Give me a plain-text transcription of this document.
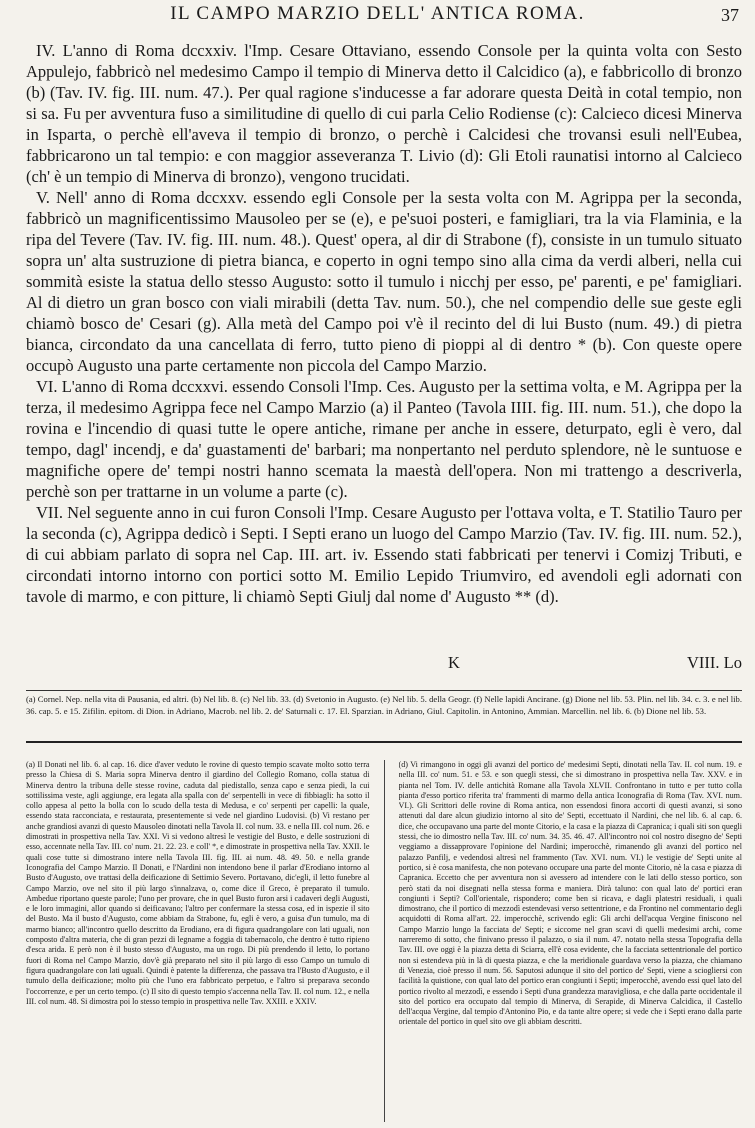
IL CAMPO MARZIO DELL' ANTICA ROMA.	37

IV. L'anno di Roma dccxxiv. l'Imp. Cesare Ottaviano, essendo Console per la quinta volta con Sesto Appulejo, fabbricò nel medesimo Campo il tempio di Minerva detto il Calcidico (a), e fabbricollo di bronzo (b) (Tav. IV. fig. III. num. 47.). Per qual ragione s'inducesse a far adorare questa Deità in cotal tempio, non si sa. Fu per avventura fuso a similitudine di quello di cui parla Celio Rodiense (c): Calcieco dicesi Minerva in Isparta, o perchè ell'aveva il tempio di bronzo, o perchè i Calcidesi che trovansi esuli nell'Eubea, fabbricarono un tal tempio: e con maggior asseveranza T. Livio (d): Gli Etoli raunatisi intorno al Calcieco (ch' è un tempio di Minerva di bronzo), vengono trucidati.

V. Nell' anno di Roma dccxxv. essendo egli Console per la sesta volta con M. Agrippa per la seconda, fabbricò un magnificentissimo Mausoleo per se (e), e pe'suoi posteri, e famigliari, tra la via Flaminia, e la ripa del Tevere (Tav. IV. fig. III. num. 48.). Quest' opera, al dir di Strabone (f), consiste in un tumulo situato sopra un' alta sustruzione di pietra bianca, e coperto in ogni tempo sino alla cima da verdi alberi, nella cui sommità esiste la statua dello stesso Augusto: sotto il tumulo i nicchj per esso, pe' parenti, e pe' famigliari. Al di dietro un gran bosco con viali mirabili (detta Tav. num. 50.), che nel compendio delle sue geste egli chiamò bosco de' Cesari (g). Alla metà del Campo poi v'è il recinto del di lui Busto (num. 49.) di pietra bianca, circondato da una cancellata di ferro, tutto pieno di pioppi al di dentro * (b). Con queste opere occupò Augusto una parte certamente non piccola del Campo Marzio.

VI. L'anno di Roma dccxxvi. essendo Consoli l'Imp. Ces. Augusto per la settima volta, e M. Agrippa per la terza, il medesimo Agrippa fece nel Campo Marzio (a) il Panteo (Tavola IIII. fig. III. num. 51.), che dopo la rovina e l'incendio di quasi tutte le opere antiche, rimane per anche in essere, deturpato, egli è vero, dal tempo, dagl' incendj, e da' guastamenti de' barbari; ma nonpertanto nel perduto splendore, nè le suntuose e magnifiche opere de' tempi nostri hanno scemata la maestà dell'opera. Non mi trattengo a descriverla, perchè son per trattarne in un volume a parte (c).

VII. Nel seguente anno in cui furon Consoli l'Imp. Cesare Augusto per l'ottava volta, e T. Statilio Tauro per la seconda (c), Agrippa dedicò i Septi. I Septi erano un luogo del Campo Marzio (Tav. IV. fig. III. num. 52.), di cui abbiam parlato di sopra nel Cap. III. art. iv. Essendo stati fabbricati per tenervi i Comizj Tributi, e circondati intorno intorno con portici sotto M. Emilio Lepido Triumviro, ed avendoli egli adornati con tavole di marmo, e con pitture, li chiamò Septi Giulj dal nome d' Augusto ** (d).

K	VIII. Lo
(a) Cornel. Nep. nella vita di Pausania, ed altri. (b) Nel lib. 8. (c) Nel lib. 33. (d) Svetonio in Augusto. (e) Nel lib. 5. della Geogr. (f) Nelle lapidi Ancirane. (g) Dione nel lib. 53. Plin. nel lib. 34. c. 3. e nel lib. 36. cap. 5. e 15. Zifilin. epitom. di Dion. in Adriano, Macrob. nel lib. 2. de' Saturnali c. 17. El. Sparzian. in Adriano, Giul. Capitolin. in Antonino, Ammian. Marcellin. nel lib. 6. (b) Dione nel lib. 53.

(a) Il Donati nel lib. 6. al cap. 16. dice d'aver veduto le rovine di questo tempio scavate molto sotto terra presso la Chiesa di S. Maria sopra Minerva dentro il giardino del Collegio Romano, colla statua di Minerva dentro la tribuna delle stesse rovine, caduta dal piedistallo, senza capo e senza piedi, la cui sottilissima veste, agli aggiunge, era legata alla spalla con de' serpentelli in vece di fibbiagli: ha sotto il collo appesa al petto la bolla con lo scudo della testa di Medusa, e co' serpenti per capelli: la quale, essendo stata racconciata, e restaurata, presentemente si vede nel giardino Ludovisi. (b) Vi restano per anche grandiosi avanzi di questo Mausoleo dinotati nella Tavola II. col num. 33. e nella III. col num. 26. e dimostrati in prospettiva nella Tav. XXI. Vi si vedono altresì le vestigie del Busto, e delle sostruzioni di esso, accennate nella Tav. III. co' num. 21. 22. 23. e coll' *, e dimostrate in prospettiva nella Tav. XXII. le quali cose tutte si dimostrano intere nella Tavola III. fig. III. ai num. 48. 49. 50. e nella grande Iconografia del Campo Marzio. Il Donati, e l'Nardini non intendono bene il parlar d'Erodiano intorno al Busto d'Augusto, ove trattasi della deificazione di Settimio Severo. Portavano, dic'egli, il letto funebre al Campo Marzio, ove nel sito il più largo s'innalzava, o, come dice il Greco, è preparato il tumulo. Ambedue riportano queste parole; l'uno per provare, che in quel Busto furon arsi i cadaveri degli Augusti, e le loro immagini, allor quando si deificavano; l'altro per confermare la stessa cosa, ed in ispezie il sito del Busto. Ma il busto d'Augusto, come abbiam da Strabone, fu, egli è vero, a guisa d'un tumulo, ma di marmo bianco; all'incontro quello descritto da Erodiano, era di figura quadrangolare con lati uguali, non composto d'altra materia, che di gran pezzi di legname a foggia di tabernacolo, che dentro è tutto ripieno d'esca arida. E però non è il busto stesso d'Augusto, ma un rogo. Di più prendendo il letto, lo portano fuori di Roma nel Campo Marzio, dov'è già preparato nel sito il più largo di esso Campo un tumulo di figura quadrangolare con lati uguali. Quindi è patente la differenza, che passava tra l'Busto d'Augusto, e il tumulo della deificazione; molto più che l'uno era fabbricato perpetuo, e l'altro si preparava secondo l'occorrenze, e per un certo tempo. (c) Il sito di questo tempio s'accenna nella Tav. II. col num. 12., e nella III. col num. 48. Si dimostra poi lo stesso tempio in prospettiva nelle Tav. XXIII. e XXIV.

(d) Vi rimangono in oggi gli avanzi del portico de' medesimi Septi, dinotati nella Tav. II. col num. 19. e nella III. co' num. 51. e 53. e son quegli stessi, che si dimostrano in prospettiva nella Tav. XXV. e in pianta nel Tom. IV. delle antichità Romane alla Tavola XLVII. Confrontano in tutto e per tutto colla pianta d'esso portico riferita tra' frammenti di marmo della antica Iconografia di Roma (Tav. XVI. num. VI.). Gli Scrittori delle rovine di Roma antica, non essendosi finora accorti di questi avanzi, si sono attenuti dal dare alcun giudizio intorno al sito de' Septi, eccettuato il Nardini, che nel lib. 6. al cap. 6. dice, che occupavano una parte del monte Citorio, e la casa e la piazza di Capranica; i quali siti son quegli stessi, che io dimostro nella Tav. III. co' num. 34. 35. 46. 47. All'incontro noi col nostro disegno de' Septi veggiamo a dissapprovare l'opinione del Nardini; imperocchè, rimanendo gli avanzi del portico nel palazzo Panfilj, e vedendosi altresì nel frammento (Tav. XVI. num. VI.) le vestigie de' Septi unite al portico, si è cosa manifesta, che non potevano occupare una parte del monte Citorio, nè la casa e piazza di Capranica. Eccetto che per avventura non si avessero ad intendere con le lati dello stesso portico, son però stati da noi disegnati nella stessa forma e maniera. Dirà taluno: con qual lato de' portici eran congiunti i Septi? Coll'orientale, rispondero; come ben si ricava, e dagli platestri residuali, i quali dimostrano, che il portico di mezzodì estendevasi verso settentrione, e da Frontino nel commentario degli acquidotti di Roma all'art. 22. imperocchè, scrivendo egli: Gli archi dell'acqua Vergine finiscono nel Campo Marzio lungo la facciata de' Septi; e siccome nel gran scavi di quelli medesimi archi, come narreremo di sotto, che finivano presso il palazzo, o sia il num. 47. notato nella stessa Topografia della Tav. III. ove oggi è la piazza detta di Sciarra, ell'è cosa evidente, che la facciata settentrionale del portico non si estendeva più in là di questa piazza, e che la meridionale guardava verso la piazza, che chiamano di Venezia, cioè presso il num. 56. Saputosi adunque il sito del portico de' Septi, viene a sciogliersi con facilità la quistione, con qual lato del portico eran congiunti i Septi; imperocchè, avendo essi quel lato del portico rivolto al mezzodì, e essendo i Septi d'una grandezza maravigliosa, e che dalla parte occidentale il sito del portico era occupato dal tempio di Minerva, di Serapide, di Minerva Calcidica, il Castello dell'acqua Vergine, dal tempio d'Antonino Pio, e da tante altre opere; si vede che i Septi erano dalla parte orientale del portico in quel sito ove gli abbiam descritti.
